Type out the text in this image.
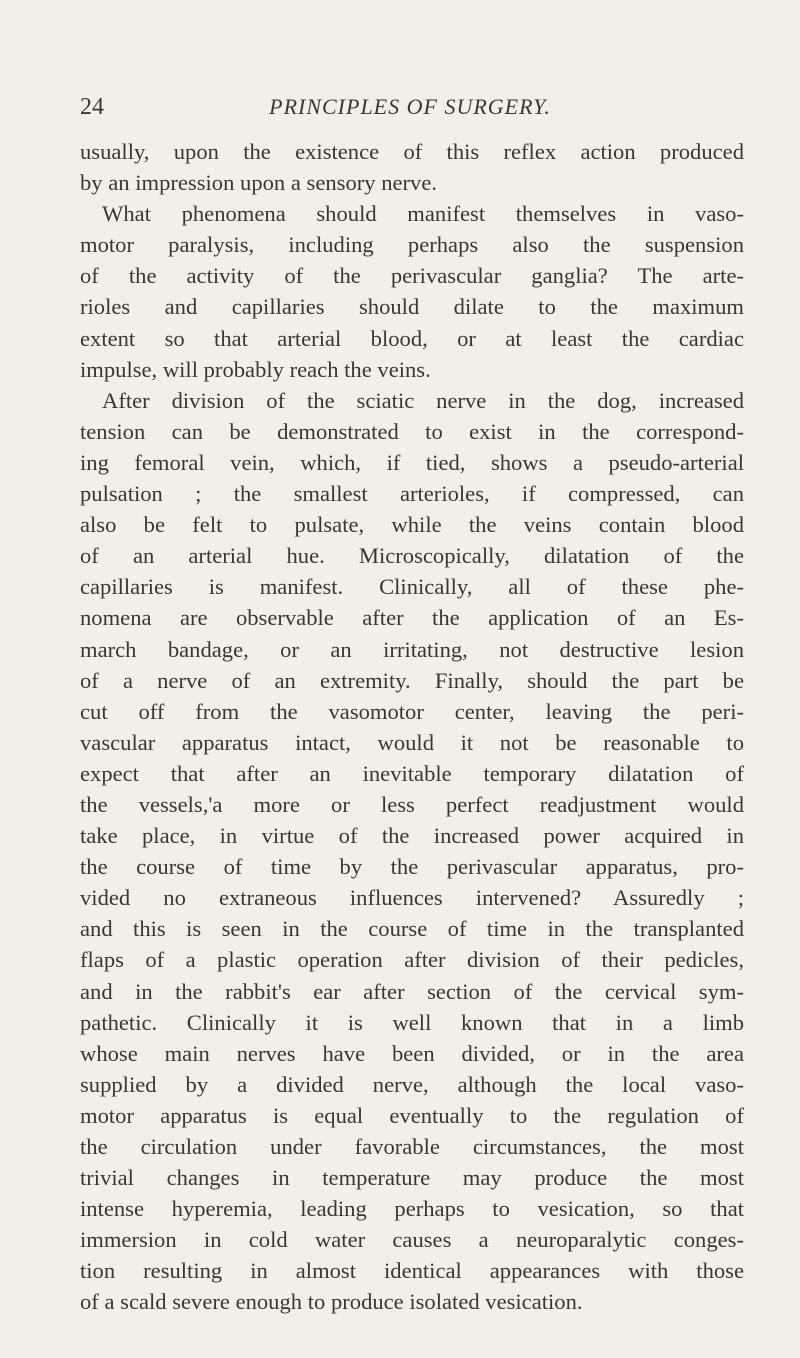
24	PRINCIPLES OF SURGERY.
usually, upon the existence of this reflex action produced
by an impression upon a sensory nerve.
What phenomena should manifest themselves in vaso-
motor paralysis, including perhaps also the suspension
of the activity of the perivascular ganglia? The arte-
rioles and capillaries should dilate to the maximum
extent so that arterial blood, or at least the cardiac
impulse, will probably reach the veins.
After division of the sciatic nerve in the dog, increased
tension can be demonstrated to exist in the correspond-
ing femoral vein, which, if tied, shows a pseudo-arterial
pulsation ; the smallest arterioles, if compressed, can
also be felt to pulsate, while the veins contain blood
of an arterial hue. Microscopically, dilatation of the
capillaries is manifest. Clinically, all of these phe-
nomena are observable after the application of an Es-
march bandage, or an irritating, not destructive lesion
of a nerve of an extremity. Finally, should the part be
cut off from the vasomotor center, leaving the peri-
vascular apparatus intact, would it not be reasonable to
expect that after an inevitable temporary dilatation of
the vessels,'a more or less perfect readjustment would
take place, in virtue of the increased power acquired in
the course of time by the perivascular apparatus, pro-
vided no extraneous influences intervened? Assuredly ;
and this is seen in the course of time in the transplanted
flaps of a plastic operation after division of their pedicles,
and in the rabbit's ear after section of the cervical sym-
pathetic. Clinically it is well known that in a limb
whose main nerves have been divided, or in the area
supplied by a divided nerve, although the local vaso-
motor apparatus is equal eventually to the regulation of
the circulation under favorable circumstances, the most
trivial changes in temperature may produce the most
intense hyperemia, leading perhaps to vesication, so that
immersion in cold water causes a neuroparalytic conges-
tion resulting in almost identical appearances with those
of a scald severe enough to produce isolated vesication.
